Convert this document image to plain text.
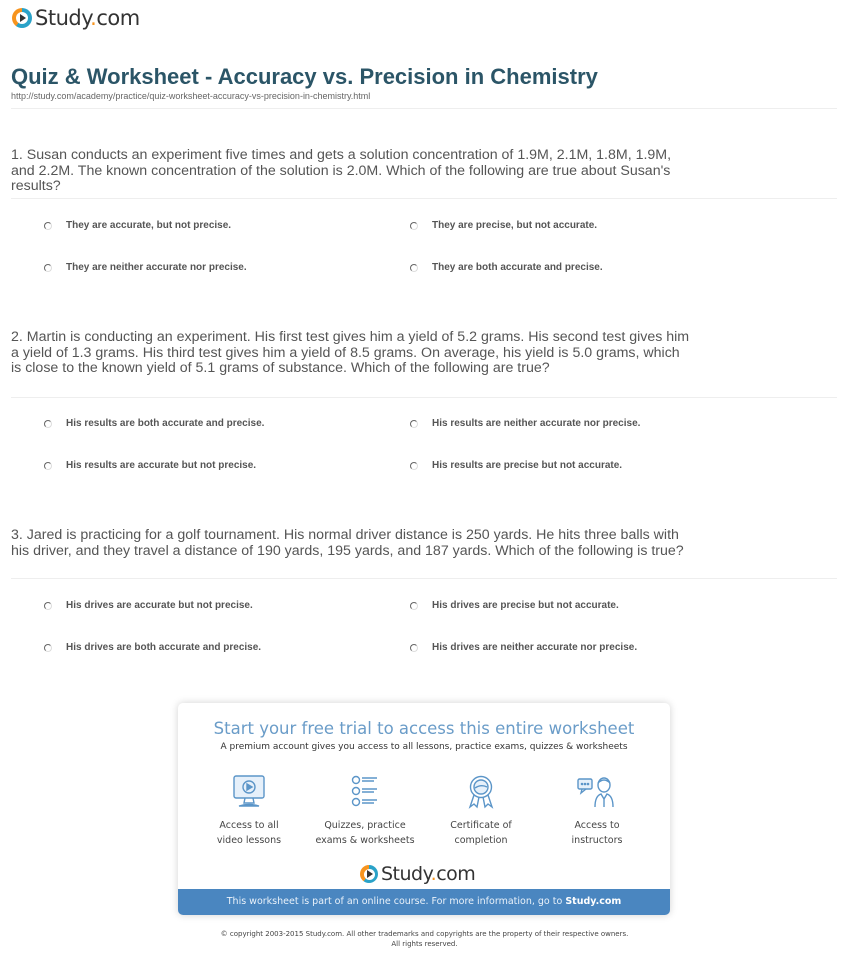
Study.com
Quiz & Worksheet - Accuracy vs. Precision in Chemistry
http://study.com/academy/practice/quiz-worksheet-accuracy-vs-precision-in-chemistry.html
1. Susan conducts an experiment five times and gets a solution concentration of 1.9M, 2.1M, 1.8M, 1.9M, and 2.2M. The known concentration of the solution is 2.0M. Which of the following are true about Susan's results?
They are accurate, but not precise.	They are precise, but not accurate.
They are neither accurate nor precise.	They are both accurate and precise.
2. Martin is conducting an experiment. His first test gives him a yield of 5.2 grams. His second test gives him a yield of 1.3 grams. His third test gives him a yield of 8.5 grams. On average, his yield is 5.0 grams, which is close to the known yield of 5.1 grams of substance. Which of the following are true?
His results are both accurate and precise.	His results are neither accurate nor precise.
His results are accurate but not precise.	His results are precise but not accurate.
3. Jared is practicing for a golf tournament. His normal driver distance is 250 yards. He hits three balls with his driver, and they travel a distance of 190 yards, 195 yards, and 187 yards. Which of the following is true?
His drives are accurate but not precise.	His drives are precise but not accurate.
His drives are both accurate and precise.	His drives are neither accurate nor precise.
Start your free trial to access this entire worksheet
A premium account gives you access to all lessons, practice exams, quizzes & worksheets
Access to all
video lessons
Quizzes, practice
exams & worksheets
Certificate of
completion
Access to
instructors
Study.com
This worksheet is part of an online course. For more information, go to Study.com
© copyright 2003-2015 Study.com. All other trademarks and copyrights are the property of their respective owners.
All rights reserved.
